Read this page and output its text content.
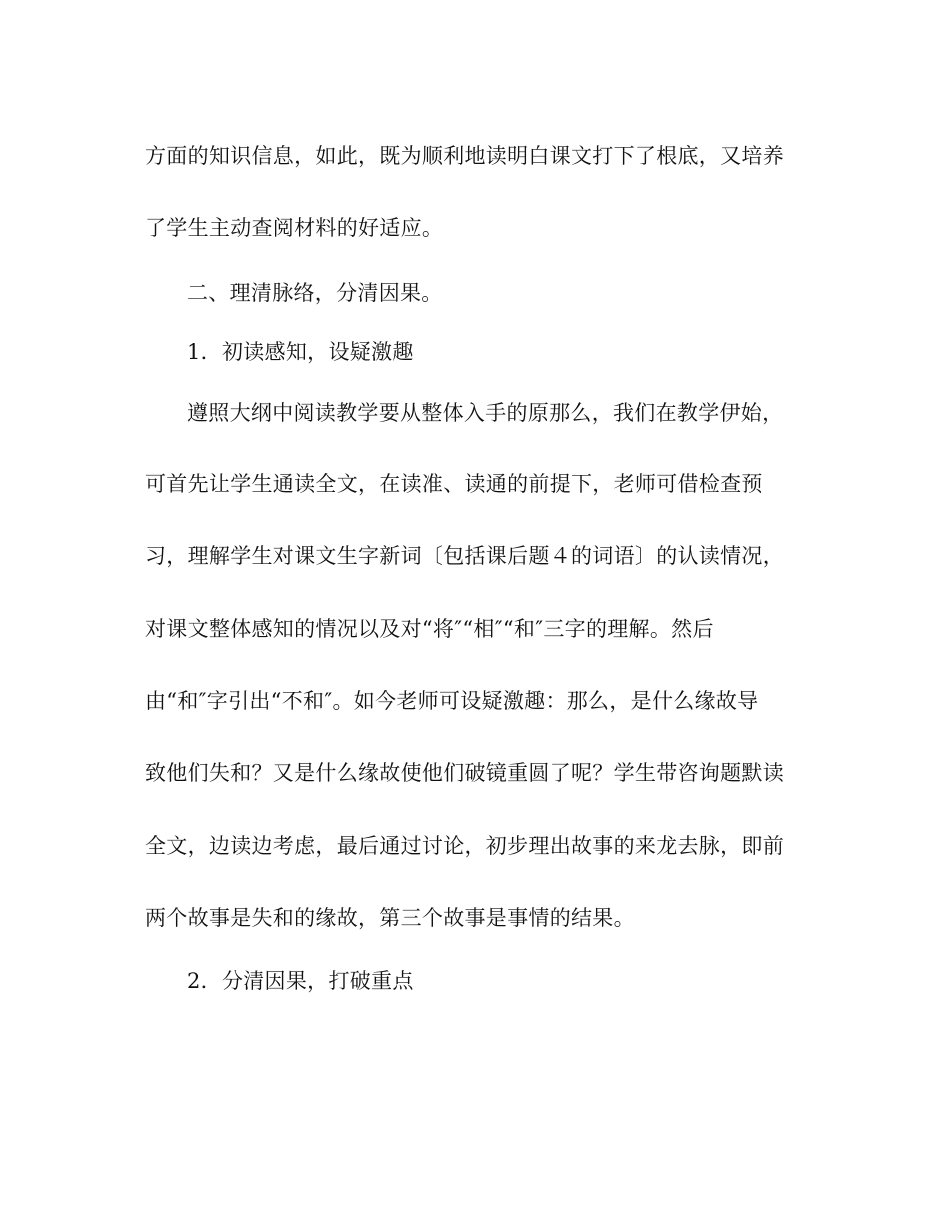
方面的知识信息，如此，既为顺利地读明白课文打下了根底，又培养
了学生主动查阅材料的好适应。
二、理清脉络，分清因果。
1．初读感知，设疑激趣
遵照大纲中阅读教学要从整体入手的原那么，我们在教学伊始，
可首先让学生通读全文，在读准、读通的前提下，老师可借检查预
习，理解学生对课文生字新词〔包括课后题４的词语〕的认读情况，
对课文整体感知的情况以及对“将″“相″“和″三字的理解。然后
由“和″字引出“不和″。如今老师可设疑激趣：那么，是什么缘故导
致他们失和？又是什么缘故使他们破镜重圆了呢？学生带咨询题默读
全文，边读边考虑，最后通过讨论，初步理出故事的来龙去脉，即前
两个故事是失和的缘故，第三个故事是事情的结果。
2．分清因果，打破重点
